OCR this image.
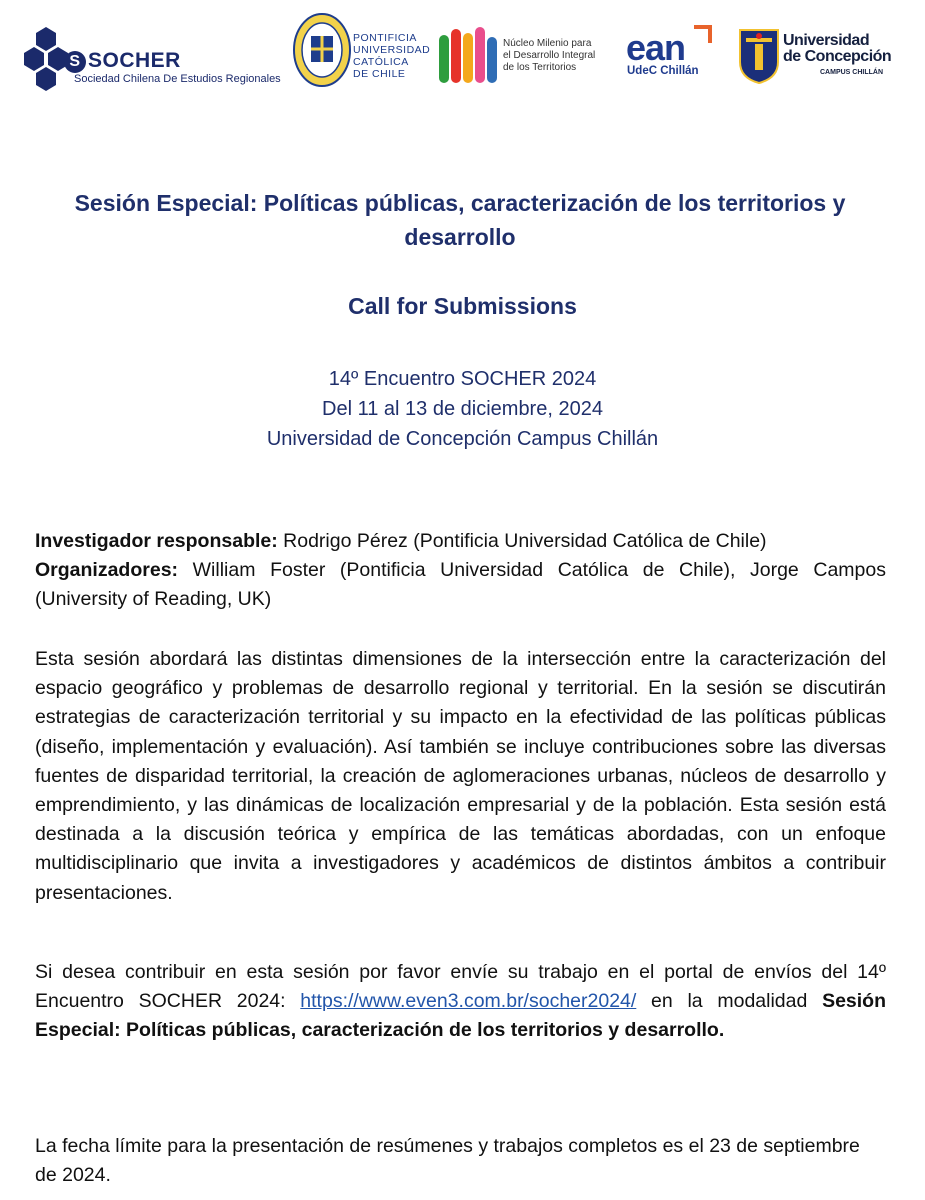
S SOCHER
Sociedad Chilena De Estudios Regionales
PONTIFICIA
UNIVERSIDAD
CATÓLICA
DE CHILE
Núcleo Milenio para
el Desarrollo Integral
de los Territorios	ean
UdeC Chillán
Universidad
de Concepción
CAMPUS CHILLÁN
Sesión Especial: Políticas públicas, caracterización de los territorios y desarrollo
Call for Submissions
14º Encuentro SOCHER 2024
Del 11 al 13 de diciembre, 2024
Universidad de Concepción Campus Chillán

Investigador responsable: Rodrigo Pérez (Pontificia Universidad Católica de Chile)

Organizadores: William Foster (Pontificia Universidad Católica de Chile), Jorge Campos (University of Reading, UK)

Esta sesión abordará las distintas dimensiones de la intersección entre la caracterización del espacio geográfico y problemas de desarrollo regional y territorial. En la sesión se discutirán estrategias de caracterización territorial y su impacto en la efectividad de las políticas públicas (diseño, implementación y evaluación). Así también se incluye contribuciones sobre las diversas fuentes de disparidad territorial, la creación de aglomeraciones urbanas, núcleos de desarrollo y emprendimiento, y las dinámicas de localización empresarial y de la población. Esta sesión está destinada a la discusión teórica y empírica de las temáticas abordadas, con un enfoque multidisciplinario que invita a investigadores y académicos de distintos ámbitos a contribuir presentaciones.

Si desea contribuir en esta sesión por favor envíe su trabajo en el portal de envíos del 14º Encuentro SOCHER 2024: https://www.even3.com.br/socher2024/ en la modalidad Sesión Especial: Políticas públicas, caracterización de los territorios y desarrollo.

La fecha límite para la presentación de resúmenes y trabajos completos es el 23 de septiembre de 2024.
